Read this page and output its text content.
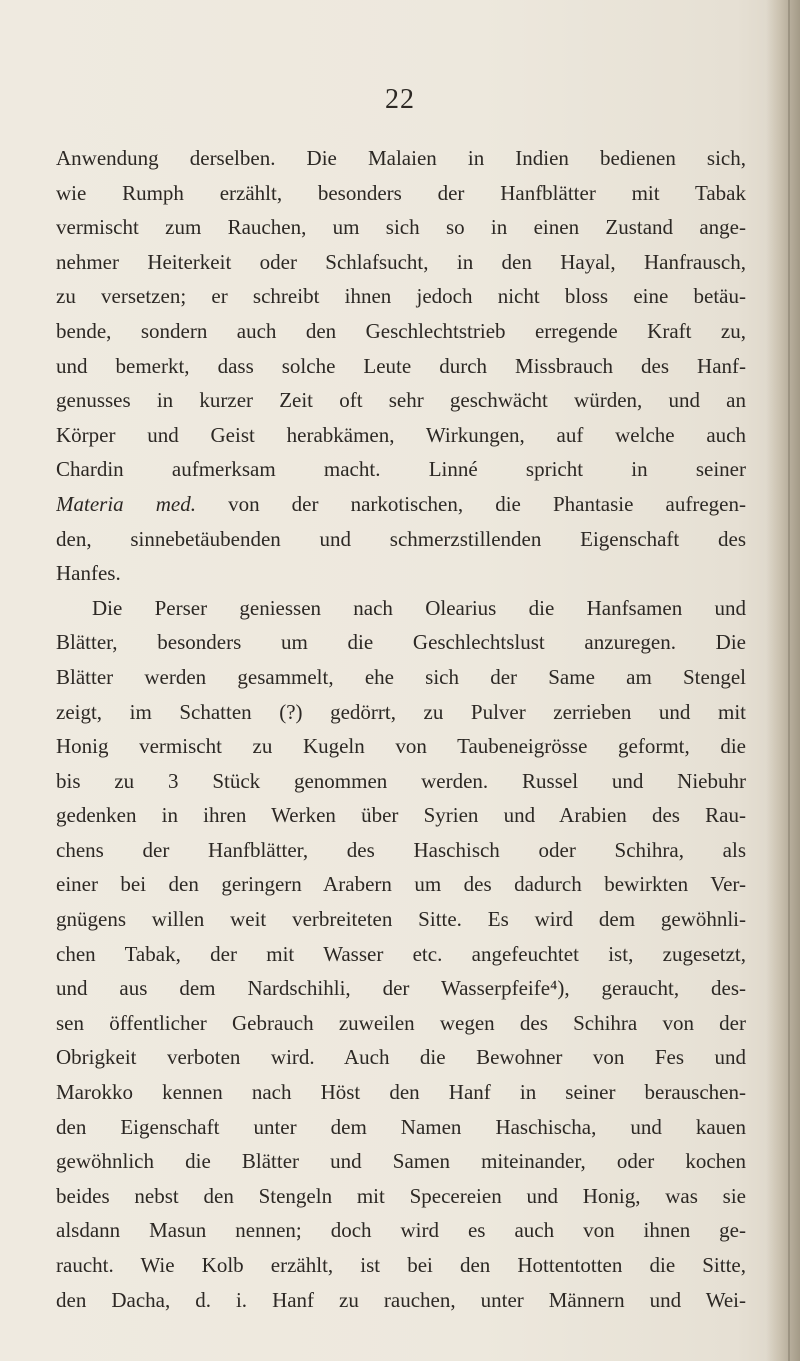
22
Anwendung derselben. Die Malaien in Indien bedienen sich,
wie Rumph erzählt, besonders der Hanfblätter mit Tabak
vermischt zum Rauchen, um sich so in einen Zustand ange-
nehmer Heiterkeit oder Schlafsucht, in den Hayal, Hanfrausch,
zu versetzen; er schreibt ihnen jedoch nicht bloss eine betäu-
bende, sondern auch den Geschlechtstrieb erregende Kraft zu,
und bemerkt, dass solche Leute durch Missbrauch des Hanf-
genusses in kurzer Zeit oft sehr geschwächt würden, und an
Körper und Geist herabkämen, Wirkungen, auf welche auch
Chardin aufmerksam macht. Linné spricht in seiner
Materia med. von der narkotischen, die Phantasie aufregen-
den, sinnebetäubenden und schmerzstillenden Eigenschaft des
Hanfes.
Die Perser geniessen nach Olearius die Hanfsamen und
Blätter, besonders um die Geschlechtslust anzuregen. Die
Blätter werden gesammelt, ehe sich der Same am Stengel
zeigt, im Schatten (?) gedörrt, zu Pulver zerrieben und mit
Honig vermischt zu Kugeln von Taubeneigrösse geformt, die
bis zu 3 Stück genommen werden. Russel und Niebuhr
gedenken in ihren Werken über Syrien und Arabien des Rau-
chens der Hanfblätter, des Haschisch oder Schihra, als
einer bei den geringern Arabern um des dadurch bewirkten Ver-
gnügens willen weit verbreiteten Sitte. Es wird dem gewöhnli-
chen Tabak, der mit Wasser etc. angefeuchtet ist, zugesetzt,
und aus dem Nardschihli, der Wasserpfeife⁴), geraucht, des-
sen öffentlicher Gebrauch zuweilen wegen des Schihra von der
Obrigkeit verboten wird. Auch die Bewohner von Fes und
Marokko kennen nach Höst den Hanf in seiner berauschen-
den Eigenschaft unter dem Namen Haschischa, und kauen
gewöhnlich die Blätter und Samen miteinander, oder kochen
beides nebst den Stengeln mit Specereien und Honig, was sie
alsdann Masun nennen; doch wird es auch von ihnen ge-
raucht. Wie Kolb erzählt, ist bei den Hottentotten die Sitte,
den Dacha, d. i. Hanf zu rauchen, unter Männern und Wei-
